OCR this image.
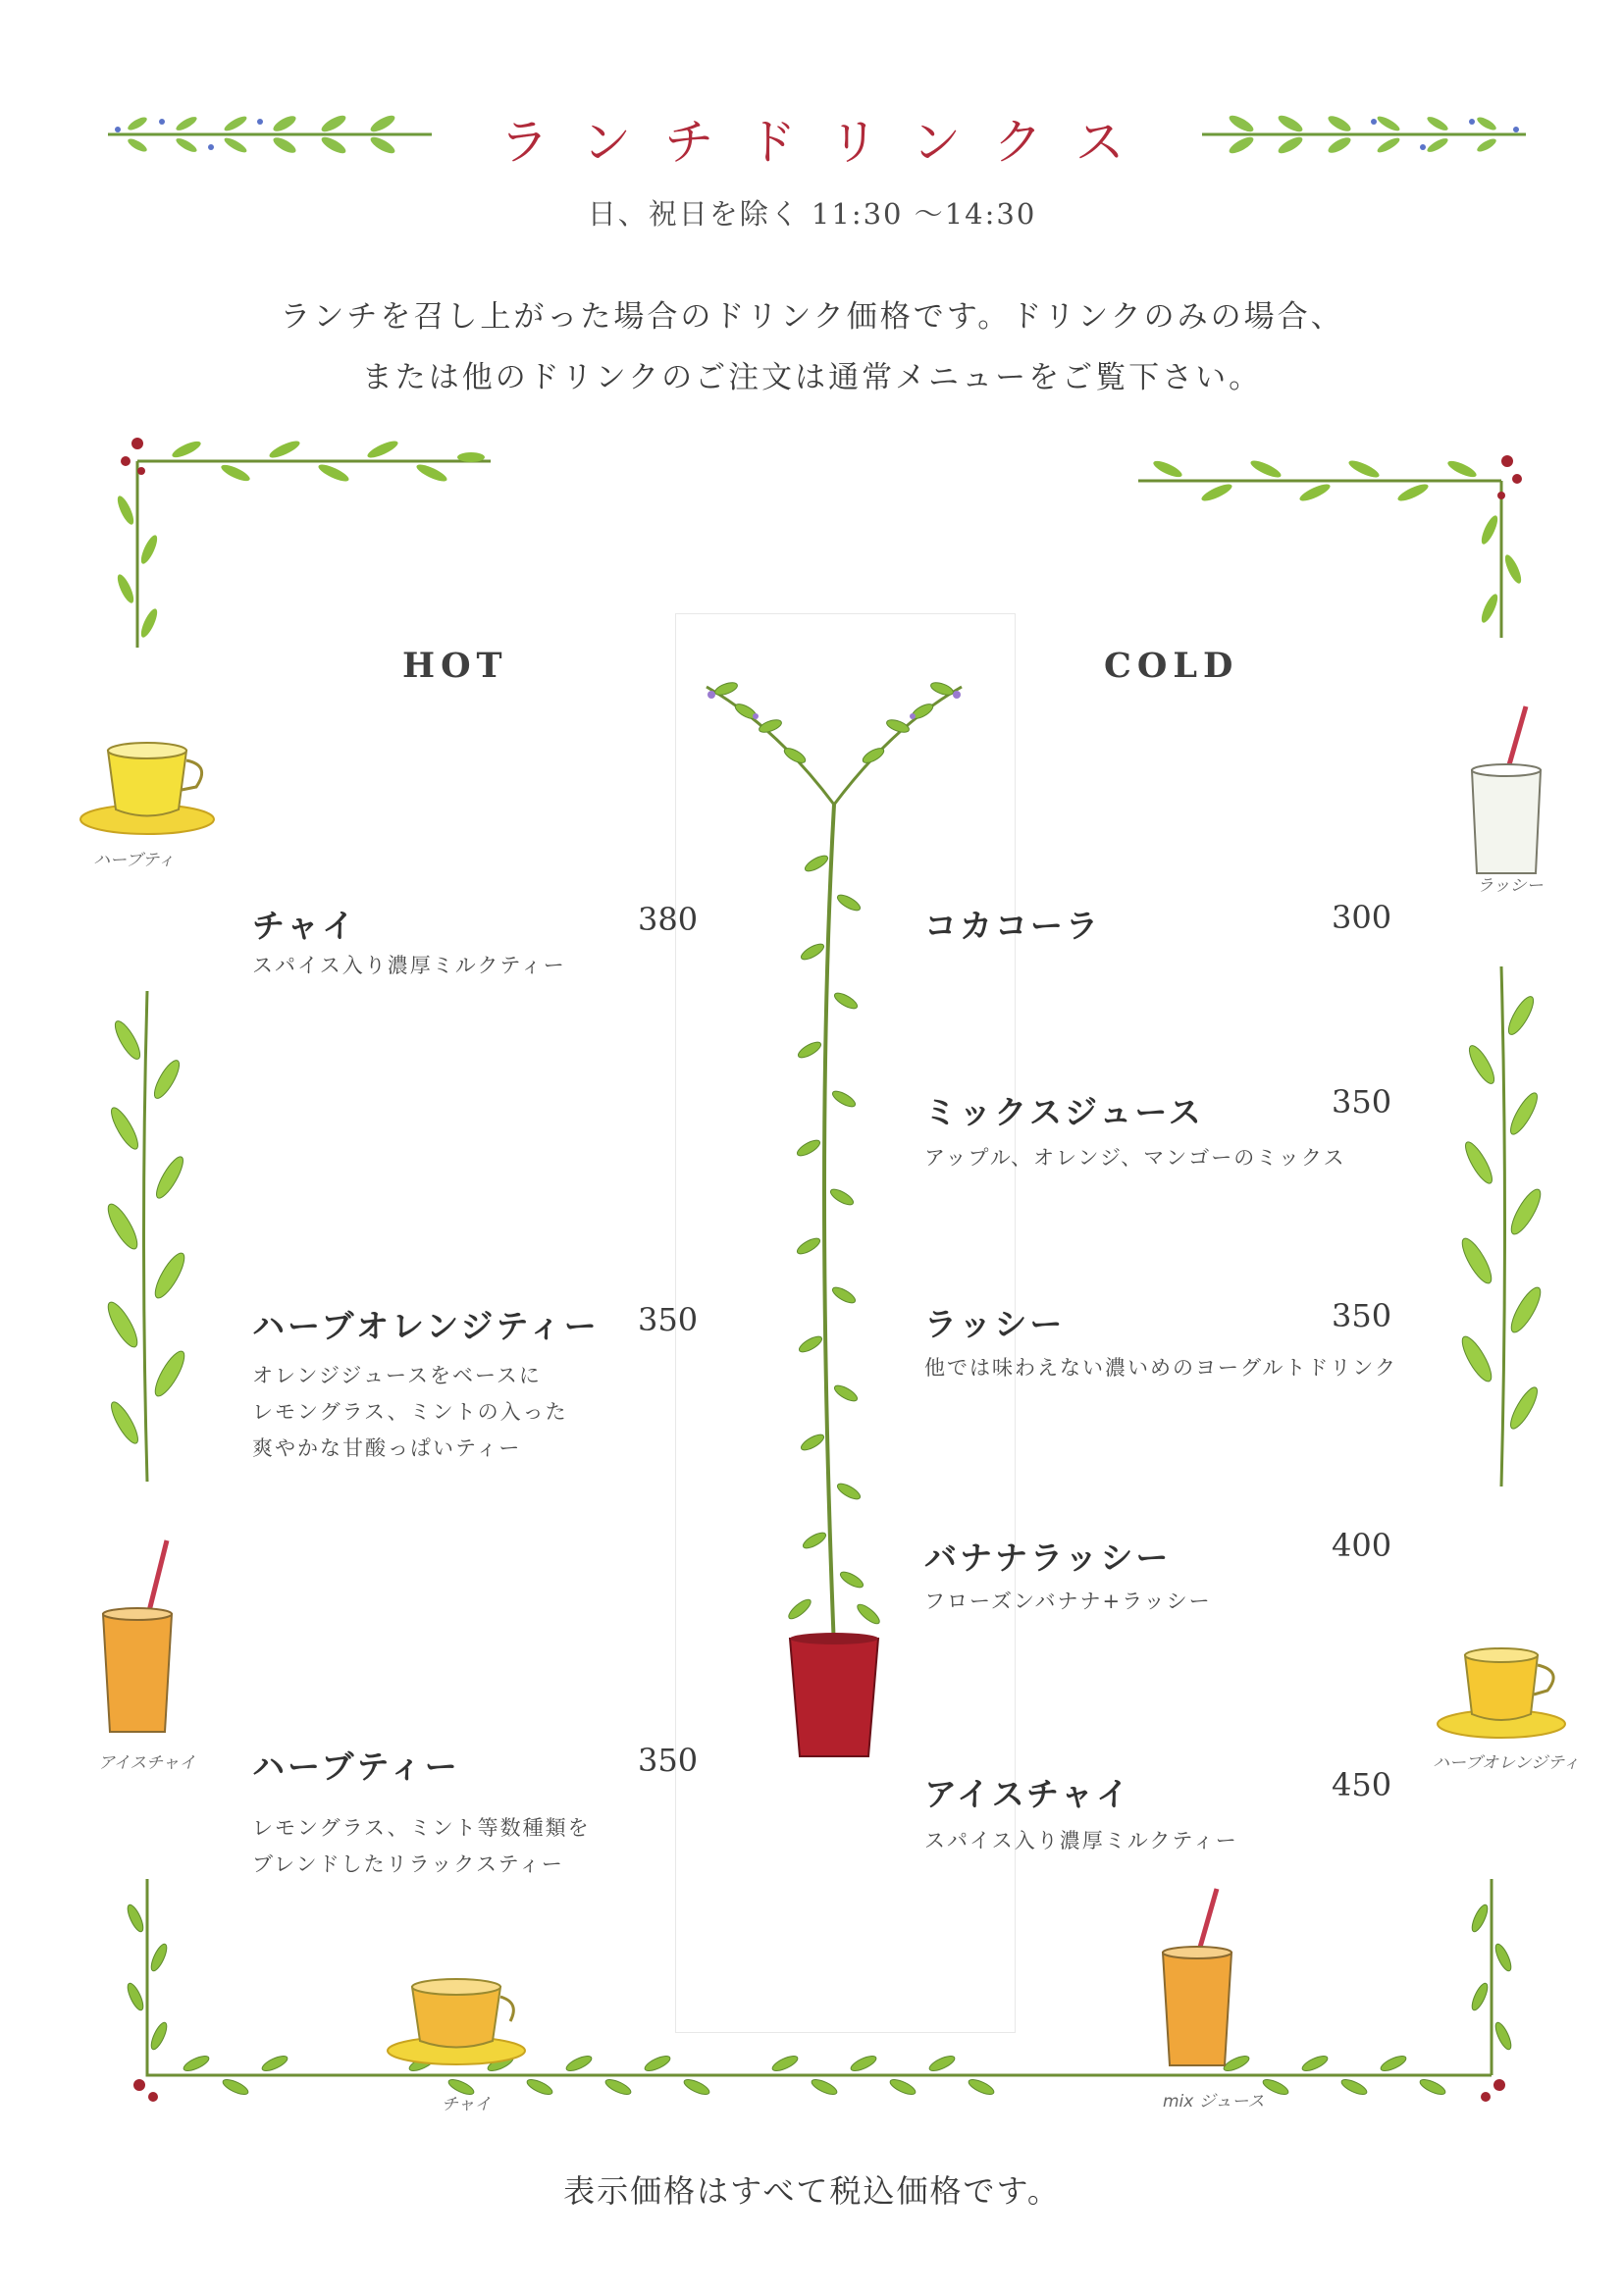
ランチドリンクス
日、祝日を除く 11:30 ～14:30
ランチを召し上がった場合のドリンク価格です。ドリンクのみの場合、
または他のドリンクのご注文は通常メニューをご覧下さい。
HOT	COLD
ハーブティ
アイスチャイ
ラッシー
ハーブオレンジティ
チャイ	380
スパイス入り濃厚ミルクティー
ハーブオレンジティー 350
オレンジジュースをベースに
レモングラス、ミントの入った
爽やかな甘酸っぱいティー
ハーブティー	350
レモングラス、ミント等数種類を
ブレンドしたリラックスティー
コカコーラ	300
ミックスジュース	350
アップル、オレンジ、マンゴーのミックス
ラッシー	350
他では味わえない濃いめのヨーグルトドリンク
バナナラッシー	400
フローズンバナナ+ラッシー
アイスチャイ	450
スパイス入り濃厚ミルクティー
チャイ	mix ジュース
表示価格はすべて税込価格です。
